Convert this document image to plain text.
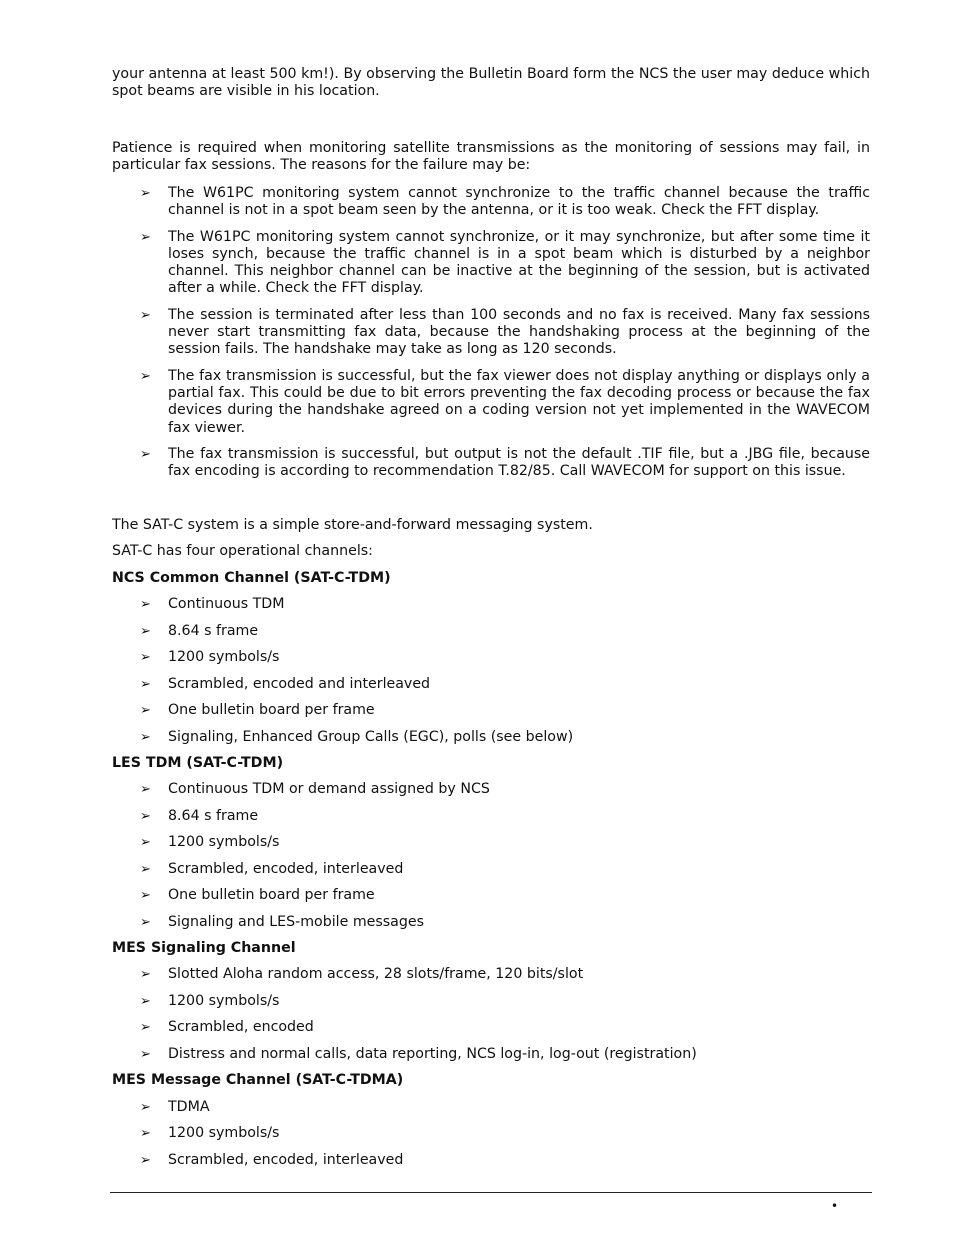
your antenna at least 500 km!). By observing the Bulletin Board form the NCS the user may deduce which spot beams are visible in his location.

Patience is required when monitoring satellite transmissions as the monitoring of sessions may fail, in particular fax sessions. The reasons for the failure may be:

➢ The W61PC monitoring system cannot synchronize to the traffic channel because the traffic channel is not in a spot beam seen by the antenna, or it is too weak. Check the FFT display.

➢ The W61PC monitoring system cannot synchronize, or it may synchronize, but after some time it loses synch, because the traffic channel is in a spot beam which is disturbed by a neighbor channel. This neighbor channel can be inactive at the beginning of the session, but is activated after a while. Check the FFT display.

➢ The session is terminated after less than 100 seconds and no fax is received. Many fax sessions never start transmitting fax data, because the handshaking process at the beginning of the session fails. The handshake may take as long as 120 seconds.

➢ The fax transmission is successful, but the fax viewer does not display anything or displays only a partial fax. This could be due to bit errors preventing the fax decoding process or because the fax devices during the handshake agreed on a coding version not yet implemented in the WAVECOM fax viewer.

➢ The fax transmission is successful, but output is not the default .TIF file, but a .JBG file, because fax encoding is according to recommendation T.82/85. Call WAVECOM for support on this issue.

The SAT-C system is a simple store-and-forward messaging system.
SAT-C has four operational channels:
NCS Common Channel (SAT-C-TDM)
➢ Continuous TDM
➢ 8.64 s frame
➢ 1200 symbols/s
➢ Scrambled, encoded and interleaved
➢ One bulletin board per frame
➢ Signaling, Enhanced Group Calls (EGC), polls (see below)
LES TDM (SAT-C-TDM)
➢ Continuous TDM or demand assigned by NCS
➢ 8.64 s frame
➢ 1200 symbols/s
➢ Scrambled, encoded, interleaved
➢ One bulletin board per frame
➢ Signaling and LES-mobile messages
MES Signaling Channel
➢ Slotted Aloha random access, 28 slots/frame, 120 bits/slot
➢ 1200 symbols/s
➢ Scrambled, encoded
➢ Distress and normal calls, data reporting, NCS log-in, log-out (registration)
MES Message Channel (SAT-C-TDMA)
➢ TDMA
➢ 1200 symbols/s
➢ Scrambled, encoded, interleaved
•
